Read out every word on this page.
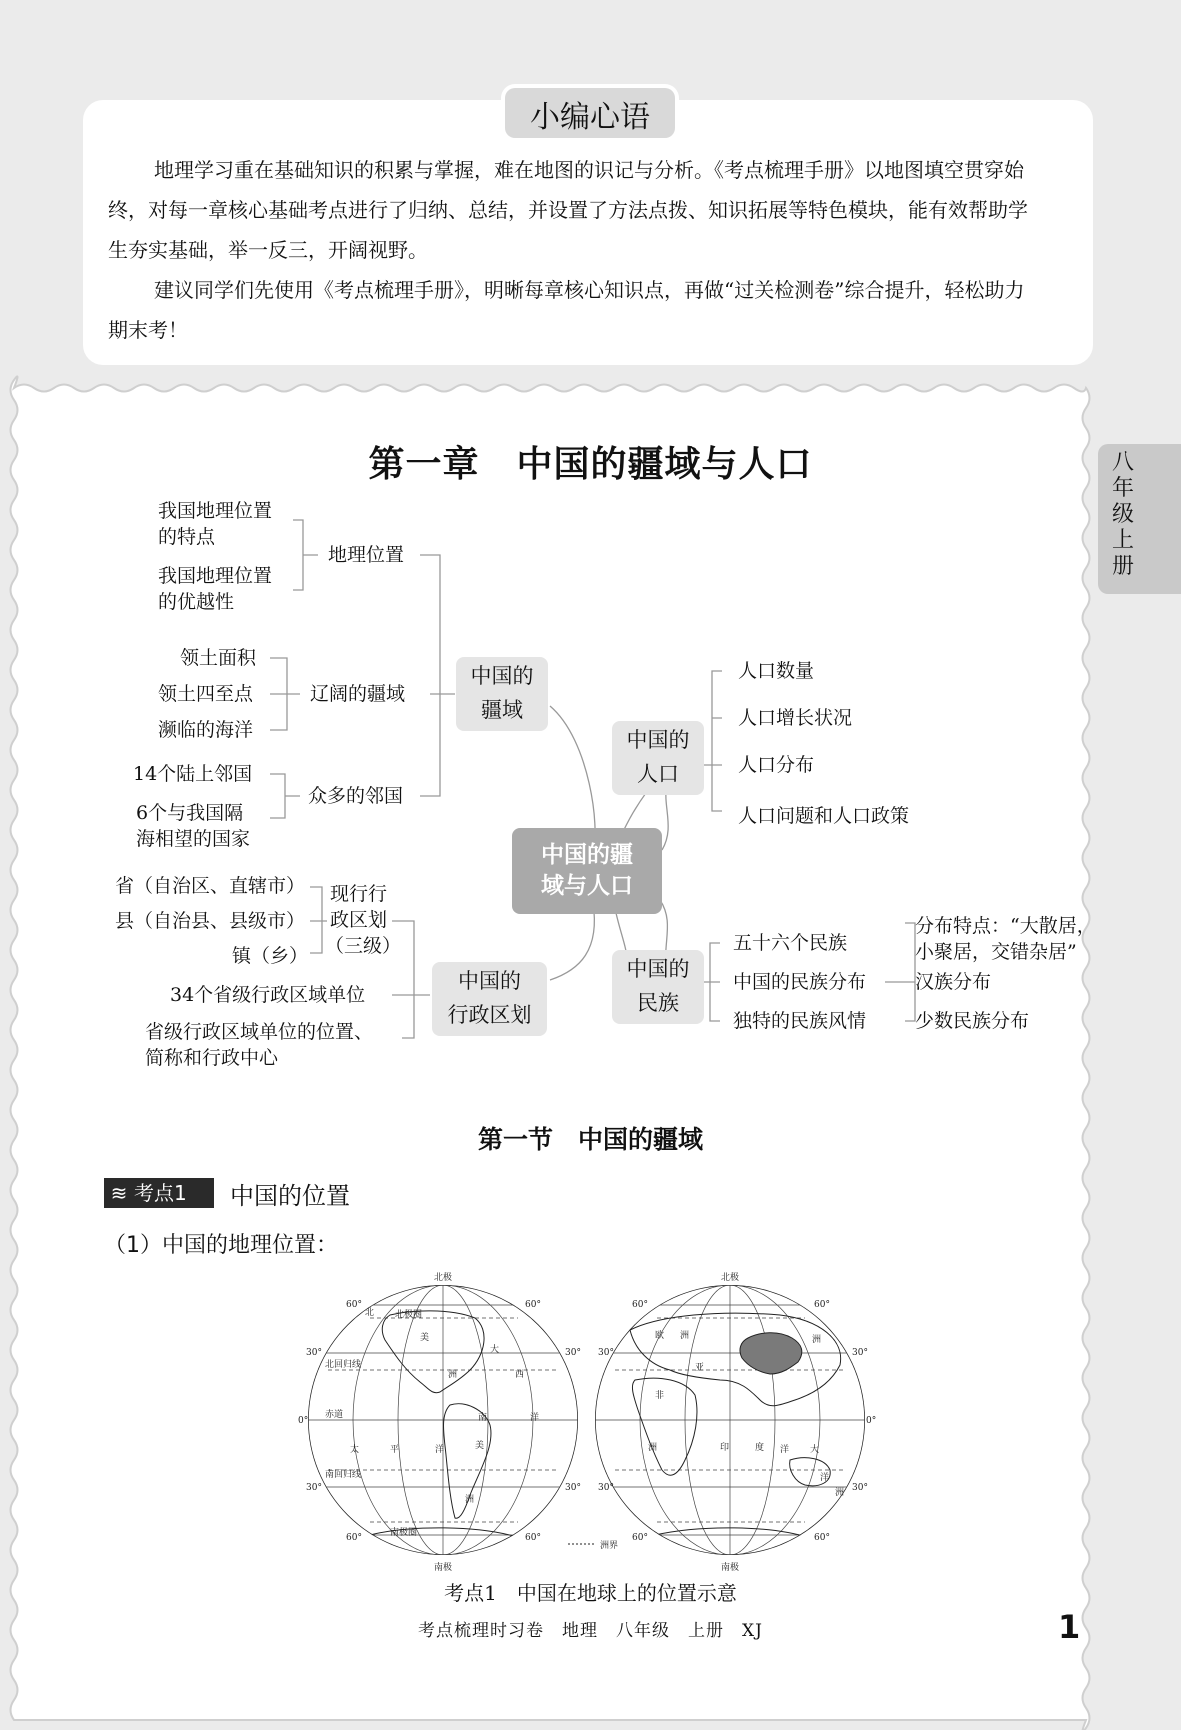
小编心语
地理学习重在基础知识的积累与掌握，难在地图的识记与分析。《考点梳理手册》以地图填空贯穿始
终，对每一章核心基础考点进行了归纳、总结，并设置了方法点拨、知识拓展等特色模块，能有效帮助学
生夯实基础，举一反三，开阔视野。
建议同学们先使用《考点梳理手册》，明晰每章核心知识点，再做“过关检测卷”综合提升，轻松助力
期末考！
八
年
级
上
册
第一章　中国的疆域与人口
我国地理位置
的特点
我国地理位置
的优越性
地理位置
领土面积
领土四至点
濒临的海洋
辽阔的疆域
14个陆上邻国
6个与我国隔
海相望的国家
众多的邻国
中国的
疆域
省（自治区、直辖市）
县（自治县、县级市）
镇（乡）
现行行
政区划
（三级）
34个省级行政区域单位
省级行政区域单位的位置、
简称和行政中心
中国的
行政区划
中国的疆
域与人口
中国的
人口
人口数量
人口增长状况
人口分布
人口问题和人口政策
中国的
民族
五十六个民族
中国的民族分布
独特的民族风情
分布特点：“大散居，
小聚居，交错杂居”
汉族分布
少数民族分布
第一节　中国的疆域
≋ 考点1	中国的位置
（1）中国的地理位置：
北极
南极
北极
南极
60°
30°
0°
30°
60°
60°
30°
30°
60°
60°
30°
0°
30°
60°
60°
30°
30°
60°
北极圈
北回归线
赤道
南回归线
南极圈
北
美
大
洲	西
南	洋
太	平	洋	美
洲
欧 洲
亚
洲
非
洲	印	度 洋 大
洋
洲
洲界
考点1　中国在地球上的位置示意
考点梳理时习卷　地理　八年级　上册　XJ	1
